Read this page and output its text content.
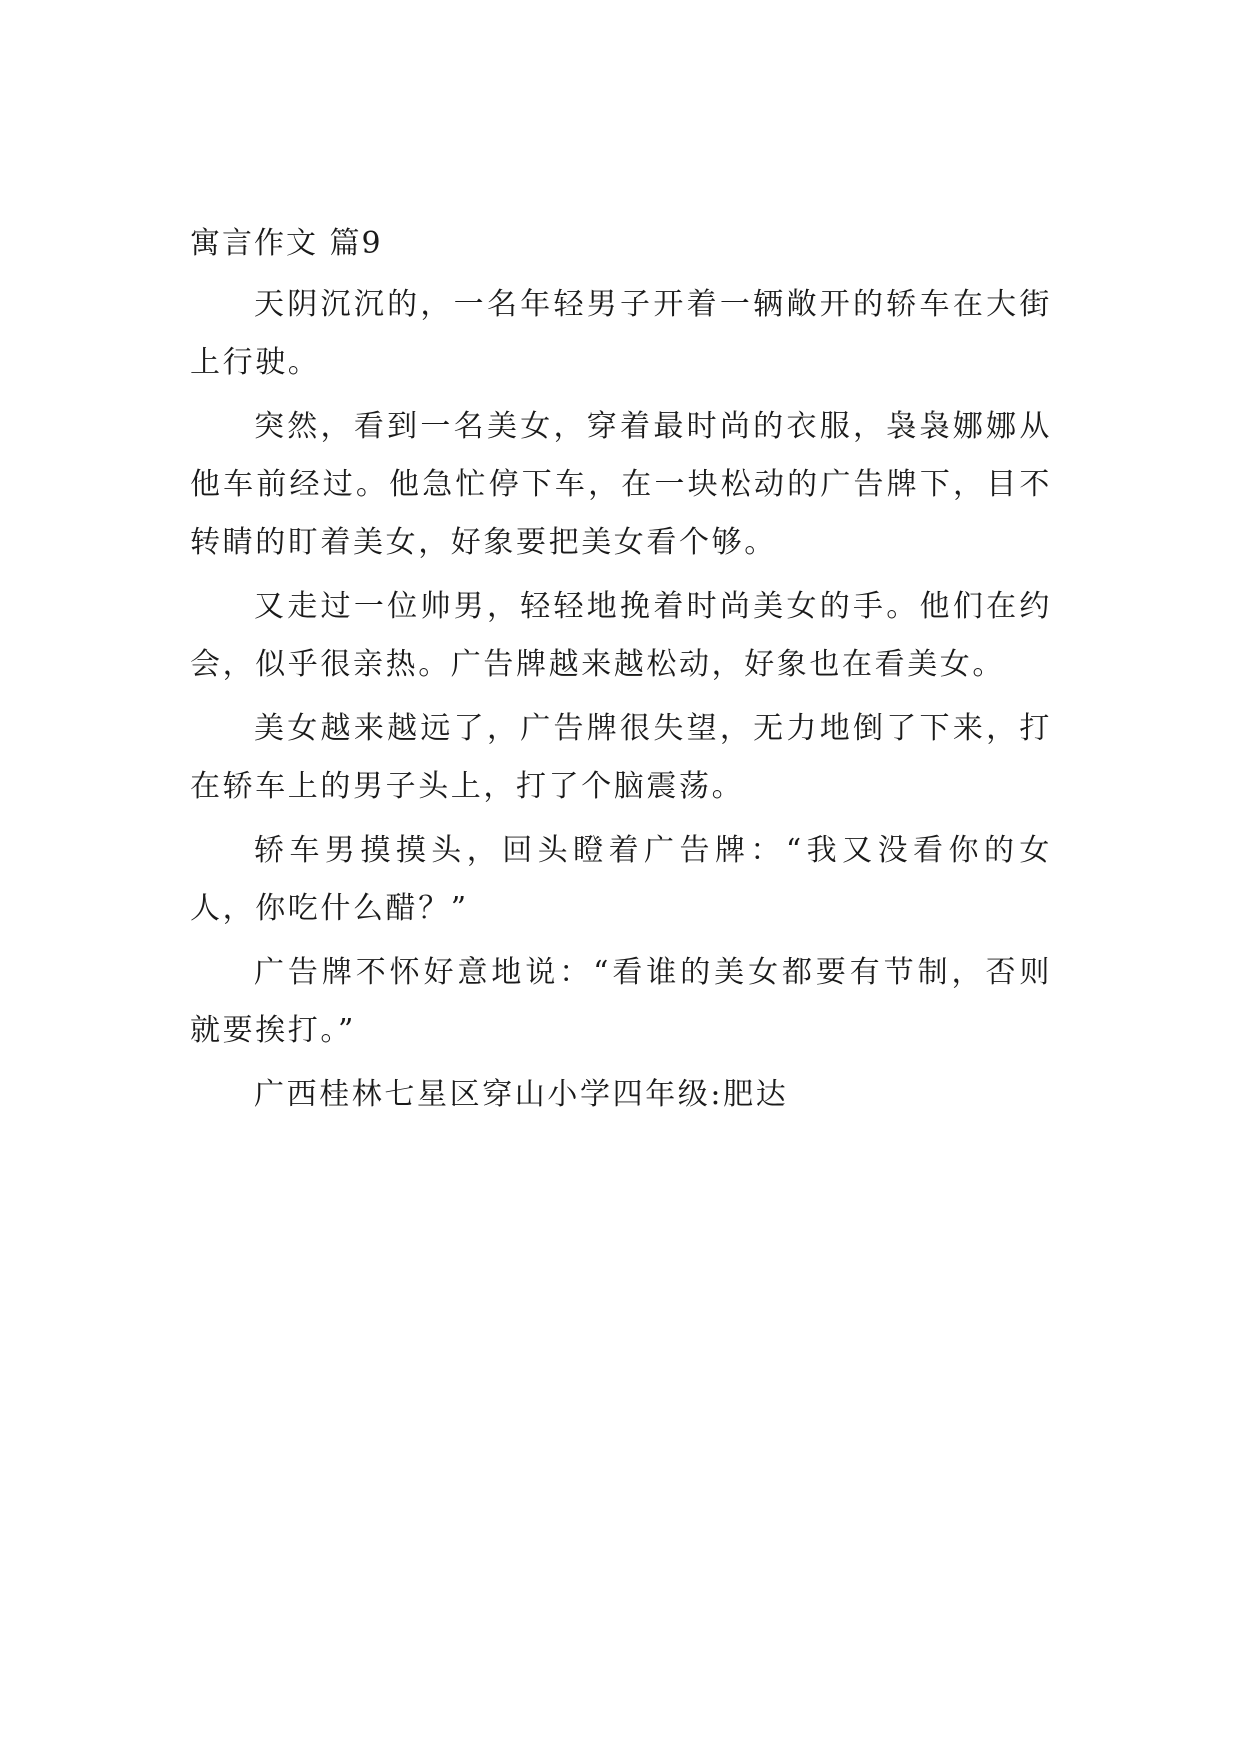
寓言作文 篇9

天阴沉沉的，一名年轻男子开着一辆敞开的轿车在大街上行驶。

突然，看到一名美女，穿着最时尚的衣服，袅袅娜娜从他车前经过。他急忙停下车，在一块松动的广告牌下，目不转睛的盯着美女，好象要把美女看个够。

又走过一位帅男，轻轻地挽着时尚美女的手。他们在约会，似乎很亲热。广告牌越来越松动，好象也在看美女。

美女越来越远了，广告牌很失望，无力地倒了下来，打在轿车上的男子头上，打了个脑震荡。

轿车男摸摸头，回头瞪着广告牌：“我又没看你的女人，你吃什么醋？”

广告牌不怀好意地说：“看谁的美女都要有节制，否则就要挨打。”

广西桂林七星区穿山小学四年级:肥达
